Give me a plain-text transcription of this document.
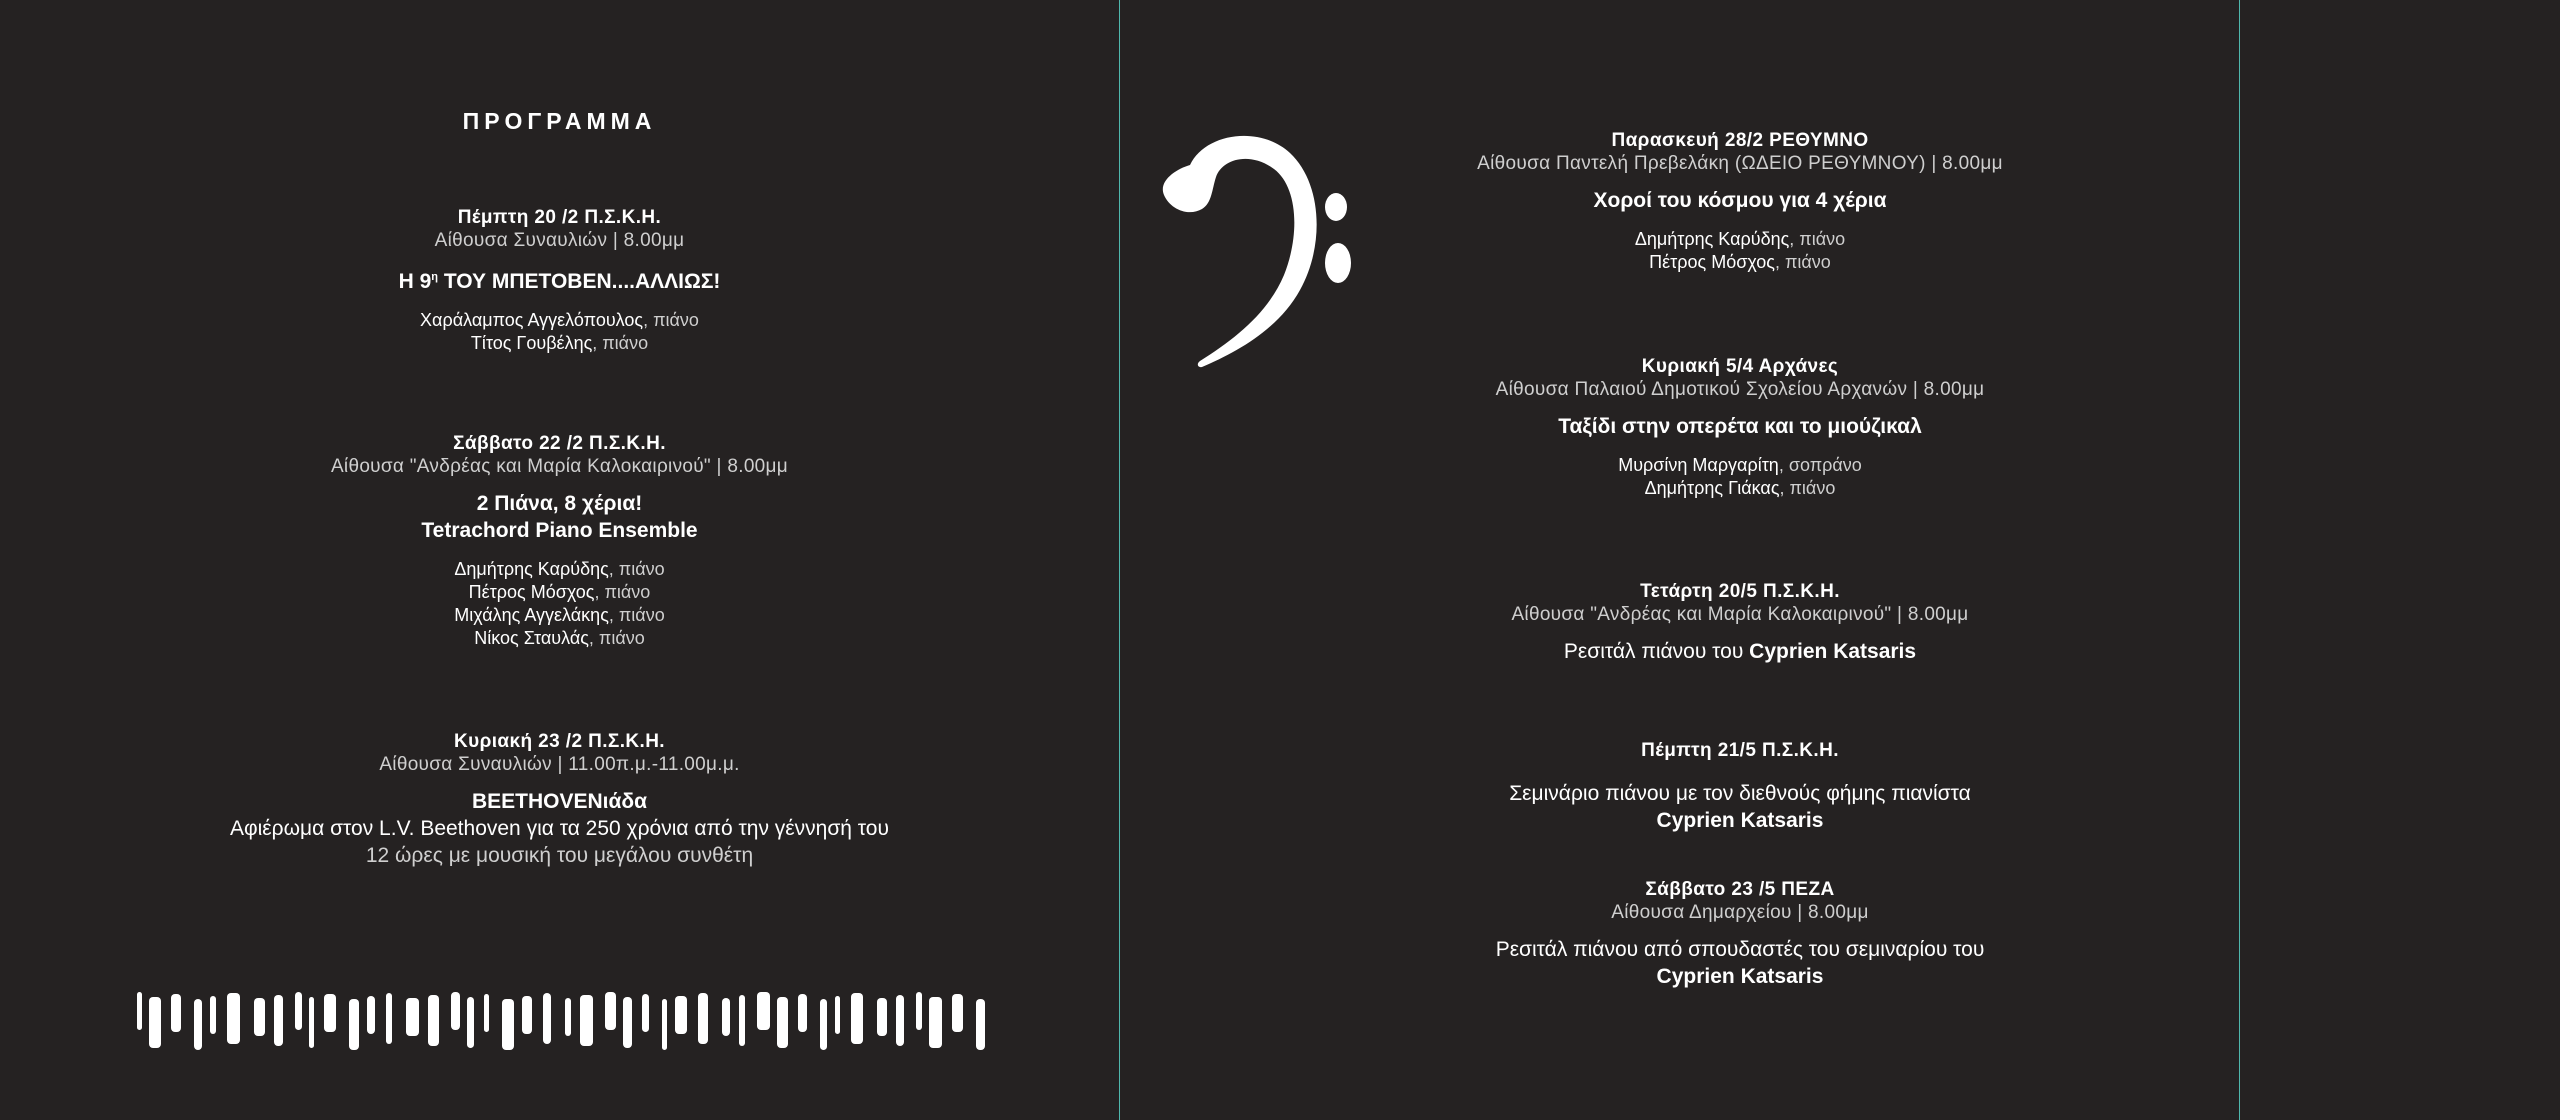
ΠΡΟΓΡΑΜΜΑ
Πέμπτη 20 /2 Π.Σ.Κ.Η.
Αίθουσα Συναυλιών | 8.00μμ
Η $9^\eta$ ΤΟΥ ΜΠΕΤΟΒΕΝ....ΑΛΛΙΩΣ!
Χαράλαμπος Αγγελόπουλος, πιάνο
Τίτος Γουβέλης, πιάνο
Σάββατο 22 /2 Π.Σ.Κ.Η.
Αίθουσα "Ανδρέας και Μαρία Καλοκαιρινού" | 8.00μμ
2 Πιάνα, 8 χέρια!
Tetrachord Piano Ensemble
Δημήτρης Καρύδης, πιάνο
Πέτρος Μόσχος, πιάνο
Μιχάλης Αγγελάκης, πιάνο
Νίκος Σταυλάς, πιάνο
Κυριακή 23 /2 Π.Σ.Κ.Η.
Αίθουσα Συναυλιών | 11.00π.μ.-11.00μ.μ.
BEETHOVENιάδα
Αφιέρωμα στον L.V. Beethoven για τα 250 χρόνια από την γέννησή του
12 ώρες με μουσική του μεγάλου συνθέτη
Παρασκευή 28/2 ΡΕΘΥΜΝΟ
Αίθουσα Παντελή Πρεβελάκη (ΩΔΕΙΟ ΡΕΘΥΜΝΟΥ) | 8.00μμ
Χοροί του κόσμου για 4 χέρια
Δημήτρης Καρύδης, πιάνο
Πέτρος Μόσχος, πιάνο
Κυριακή 5/4 Αρχάνες
Αίθουσα Παλαιού Δημοτικού Σχολείου Αρχανών | 8.00μμ
Ταξίδι στην οπερέτα και το μιούζικαλ
Μυρσίνη Μαργαρίτη, σοπράνο
Δημήτρης Γιάκας, πιάνο
Τετάρτη 20/5 Π.Σ.Κ.Η.
Αίθουσα "Ανδρέας και Μαρία Καλοκαιρινού" | 8.00μμ
Ρεσιτάλ πιάνου του Cyprien Katsaris
Πέμπτη 21/5 Π.Σ.Κ.Η.
Σεμινάριο πιάνου με τον διεθνούς φήμης πιανίστα
Cyprien Katsaris
Σάββατο 23 /5 ΠΕΖΑ
Αίθουσα Δημαρχείου | 8.00μμ
Ρεσιτάλ πιάνου από σπουδαστές του σεμιναρίου του
Cyprien Katsaris
